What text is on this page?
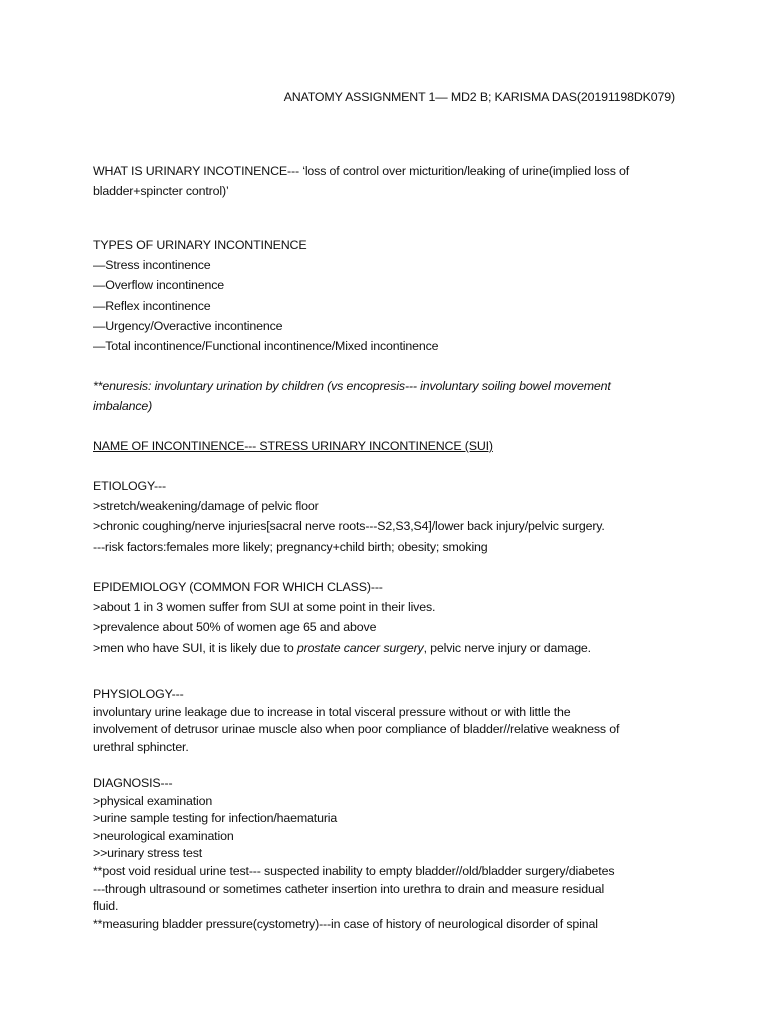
ANATOMY ASSIGNMENT 1— MD2 B; KARISMA DAS(20191198DK079)
WHAT IS URINARY INCOTINENCE--- ‘loss of control over micturition/leaking of urine(implied loss of
bladder+spincter control)’
TYPES OF URINARY INCONTINENCE
—Stress incontinence
—Overflow incontinence
—Reflex incontinence
—Urgency/Overactive incontinence
—Total incontinence/Functional incontinence/Mixed incontinence
**enuresis: involuntary urination by children (vs encopresis--- involuntary soiling bowel movement
imbalance)
NAME OF INCONTINENCE--- STRESS URINARY INCONTINENCE (SUI)
ETIOLOGY---
>stretch/weakening/damage of pelvic floor
>chronic coughing/nerve injuries[sacral nerve roots---S2,S3,S4]/lower back injury/pelvic surgery.
---risk factors:females more likely; pregnancy+child birth; obesity; smoking
EPIDEMIOLOGY (COMMON FOR WHICH CLASS)---
>about 1 in 3 women suffer from SUI at some point in their lives.
>prevalence about 50% of women age 65 and above
>men who have SUI, it is likely due to prostate cancer surgery, pelvic nerve injury or damage.
PHYSIOLOGY---
involuntary urine leakage due to increase in total visceral pressure without or with little the
involvement of detrusor urinae muscle also when poor compliance of bladder//relative weakness of
urethral sphincter.
DIAGNOSIS---
>physical examination
>urine sample testing for infection/haematuria
>neurological examination
>>urinary stress test
**post void residual urine test--- suspected inability to empty bladder//old/bladder surgery/diabetes
---through ultrasound or sometimes catheter insertion into urethra to drain and measure residual
fluid.
**measuring bladder pressure(cystometry)---in case of history of neurological disorder of spinal
